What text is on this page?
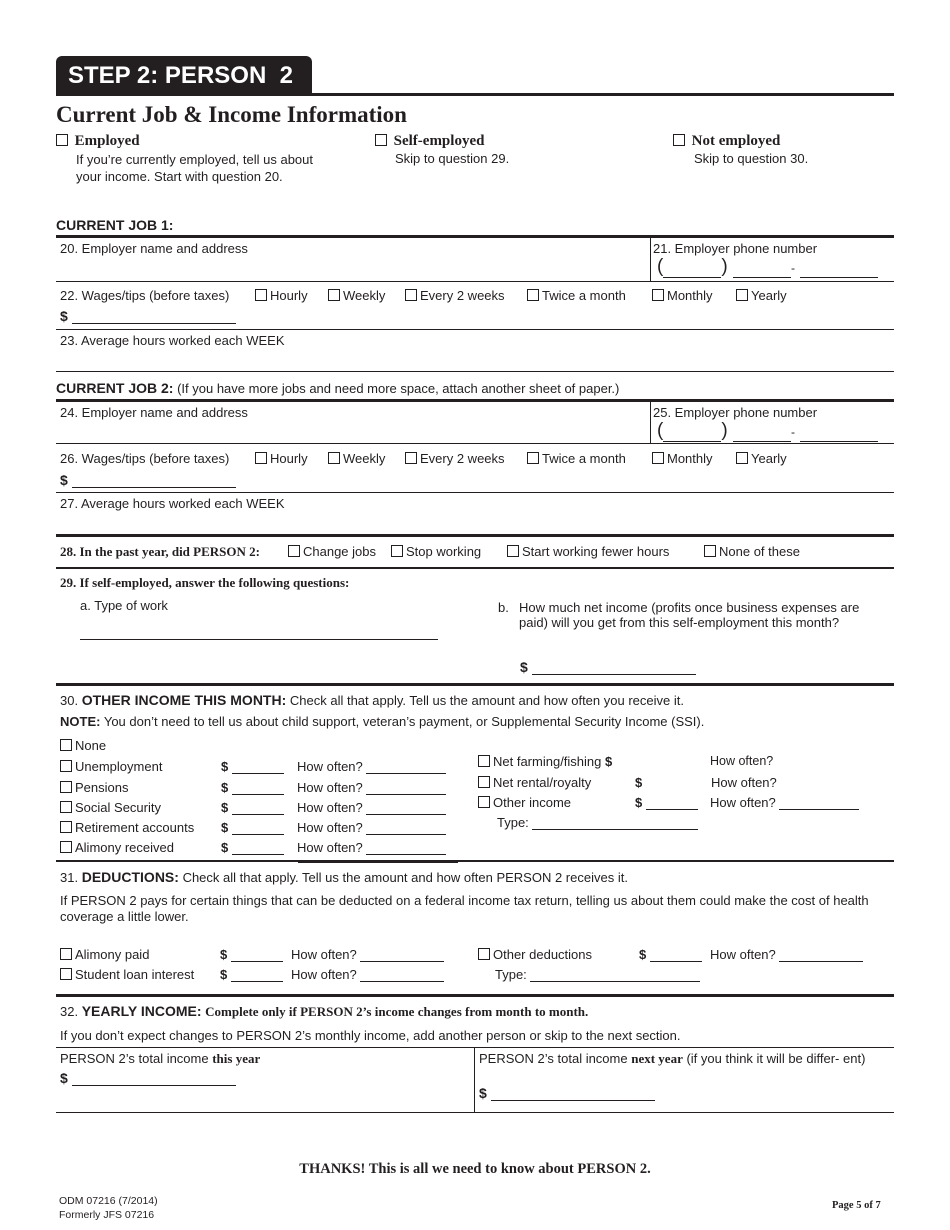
STEP 2: PERSON  2
Current Job & Income Information
Employed
If you’re currently employed, tell us about your income. Start with question 20.
Self-employed
Skip to question 29.
Not employed
Skip to question 30.
CURRENT JOB 1:
20. Employer name and address	21. Employer phone number
(	)	-
22. Wages/tips (before taxes)	Hourly	Weekly	Every 2 weeks	Twice a month	Monthly	Yearly
$
23. Average hours worked each WEEK
CURRENT JOB 2: (If you have more jobs and need more space, attach another sheet of paper.)
24. Employer name and address	25. Employer phone number
(	)	-
26. Wages/tips (before taxes)	Hourly	Weekly	Every 2 weeks	Twice a month	Monthly	Yearly
$
27. Average hours worked each WEEK
28. In the past year, did PERSON 2:	Change jobs	Stop working	Start working fewer hours	None of these
29. If self-employed, answer the following questions:
a. Type of work	b. How much net income (profits once business expenses are paid) will you get from this self-employment this month?
$
30. OTHER INCOME THIS MONTH: Check all that apply. Tell us the amount and how often you receive it.
NOTE: You don’t need to tell us about child support, veteran’s payment, or Supplemental Security Income (SSI).
None
Unemployment	$	How often?
Pensions	$	How often?
Social Security	$	How often?
Retirement accounts $	How often?
Alimony received	$	How often?
Net farming/fishing $	How often?
Net rental/royalty	$	How often?
Other income	$	How often?
Type:
31. DEDUCTIONS: Check all that apply. Tell us the amount and how often PERSON 2 receives it.
If PERSON 2 pays for certain things that can be deducted on a federal income tax return, telling us about them could make the cost of health coverage a little lower.
Alimony paid	$	How often?
Student loan interest $	How often?
Other deductions	$	How often?
Type:
32. YEARLY INCOME: Complete only if PERSON 2’s income changes from month to month.
If you don’t expect changes to PERSON 2’s monthly income, add another person or skip to the next section.
PERSON 2’s total income this year
$
PERSON 2’s total income next year (if you think it will be differ- ent)
$
THANKS! This is all we need to know about PERSON 2.
ODM 07216 (7/2014)
Formerly JFS 07216
Page 5 of 7
